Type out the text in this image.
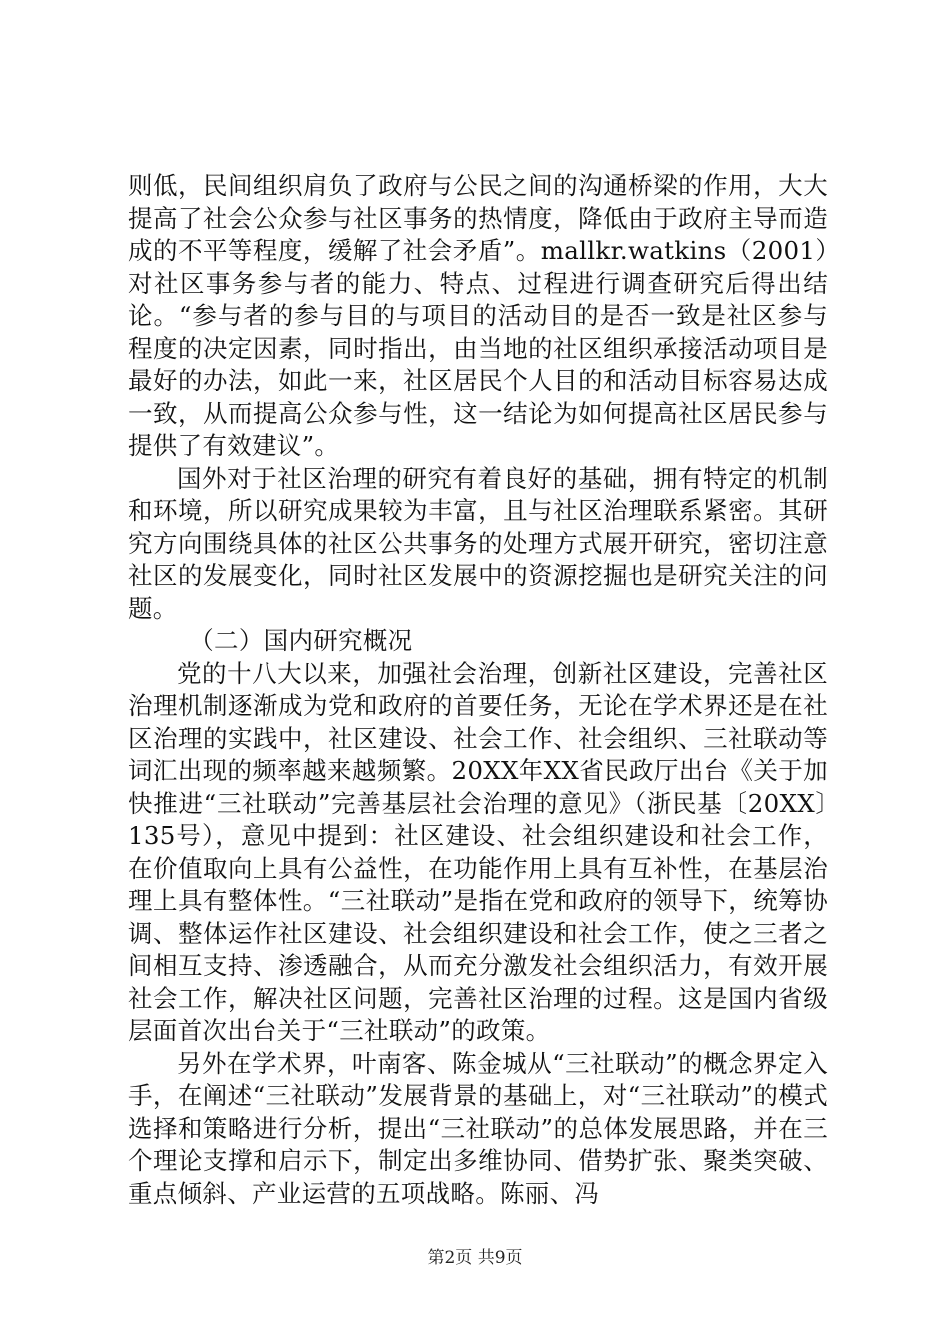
则低，民间组织肩负了政府与公民之间的沟通桥梁的作用，大大提高了社会公众参与社区事务的热情度，降低由于政府主导而造成的不平等程度，缓解了社会矛盾”。mallkr.watkins（2001）对社区事务参与者的能力、特点、过程进行调查研究后得出结论。“参与者的参与目的与项目的活动目的是否一致是社区参与程度的决定因素，同时指出，由当地的社区组织承接活动项目是最好的办法，如此一来，社区居民个人目的和活动目标容易达成一致，从而提高公众参与性，这一结论为如何提高社区居民参与提供了有效建议”。

国外对于社区治理的研究有着良好的基础，拥有特定的机制和环境，所以研究成果较为丰富，且与社区治理联系紧密。其研究方向围绕具体的社区公共事务的处理方式展开研究，密切注意社区的发展变化，同时社区发展中的资源挖掘也是研究关注的问题。

（二）国内研究概况

党的十八大以来，加强社会治理，创新社区建设，完善社区治理机制逐渐成为党和政府的首要任务，无论在学术界还是在社区治理的实践中，社区建设、社会工作、社会组织、三社联动等词汇出现的频率越来越频繁。20XX年XX省民政厅出台《关于加快推进“三社联动”完善基层社会治理的意见》（浙民基〔20XX〕135号），意见中提到：社区建设、社会组织建设和社会工作，在价值取向上具有公益性，在功能作用上具有互补性，在基层治理上具有整体性。“三社联动”是指在党和政府的领导下，统筹协调、整体运作社区建设、社会组织建设和社会工作，使之三者之间相互支持、渗透融合，从而充分激发社会组织活力，有效开展社会工作，解决社区问题，完善社区治理的过程。这是国内省级层面首次出台关于“三社联动”的政策。

另外在学术界，叶南客、陈金城从“三社联动”的概念界定入手，在阐述“三社联动”发展背景的基础上，对“三社联动”的模式选择和策略进行分析，提出“三社联动”的总体发展思路，并在三个理论支撑和启示下，制定出多维协同、借势扩张、聚类突破、重点倾斜、产业运营的五项战略。陈丽、冯

第2页 共9页
